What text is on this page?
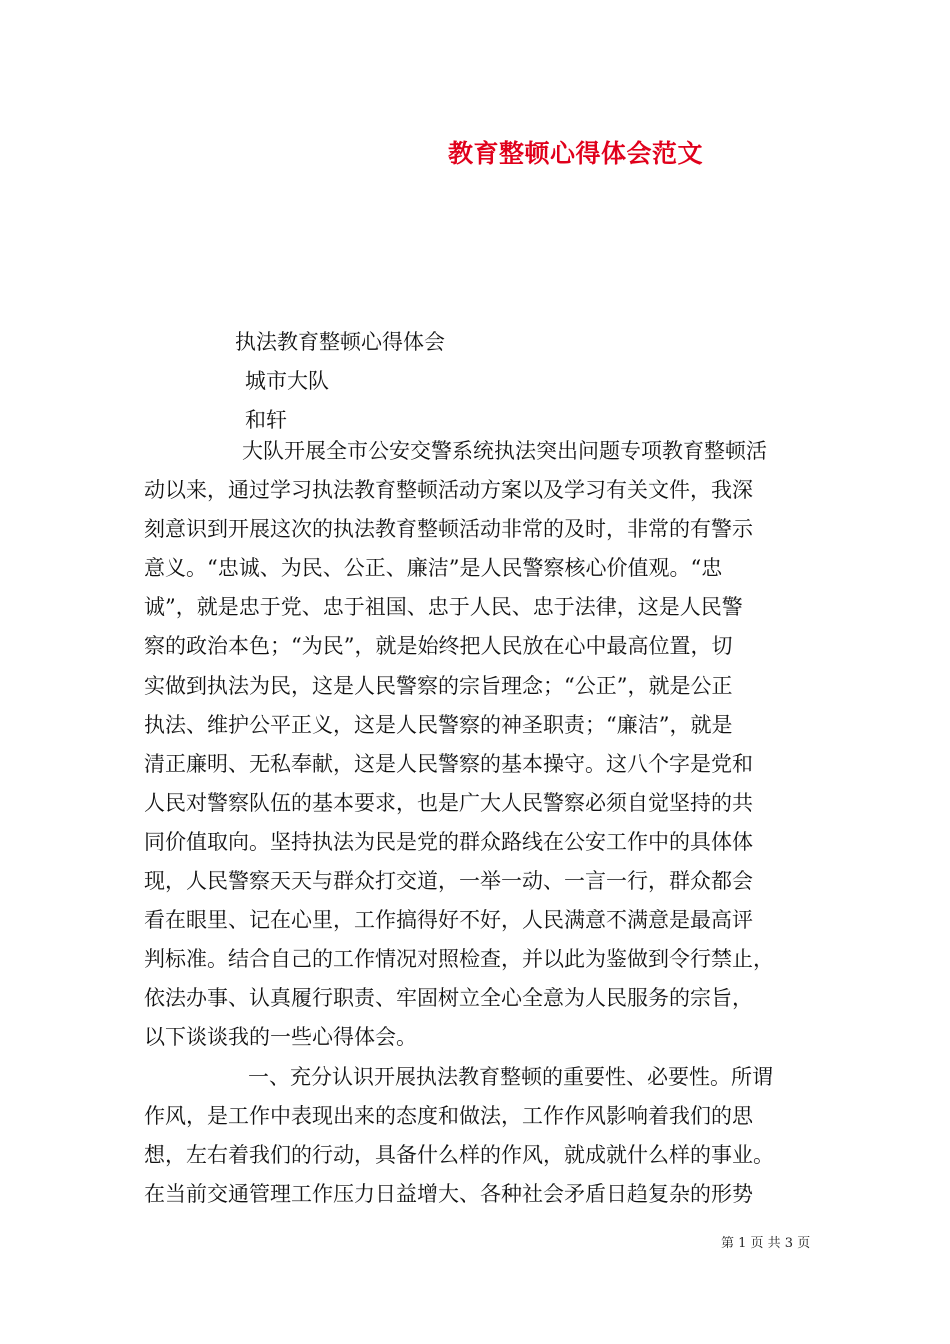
教育整顿心得体会范文
执法教育整顿心得体会
城市大队
和轩
大队开展全市公安交警系统执法突出问题专项教育整顿活
动以来，通过学习执法教育整顿活动方案以及学习有关文件，我深
刻意识到开展这次的执法教育整顿活动非常的及时，非常的有警示
意义。“忠诚、为民、公正、廉洁”是人民警察核心价值观。“忠
诚”，就是忠于党、忠于祖国、忠于人民、忠于法律，这是人民警
察的政治本色；“为民”，就是始终把人民放在心中最高位置，切
实做到执法为民，这是人民警察的宗旨理念；“公正”，就是公正
执法、维护公平正义，这是人民警察的神圣职责；“廉洁”，就是
清正廉明、无私奉献，这是人民警察的基本操守。这八个字是党和
人民对警察队伍的基本要求，也是广大人民警察必须自觉坚持的共
同价值取向。坚持执法为民是党的群众路线在公安工作中的具体体
现，人民警察天天与群众打交道，一举一动、一言一行，群众都会
看在眼里、记在心里，工作搞得好不好，人民满意不满意是最高评
判标准。结合自己的工作情况对照检查，并以此为鉴做到令行禁止，
依法办事、认真履行职责、牢固树立全心全意为人民服务的宗旨，
以下谈谈我的一些心得体会。
一、充分认识开展执法教育整顿的重要性、必要性。所谓
作风，是工作中表现出来的态度和做法，工作作风影响着我们的思
想，左右着我们的行动，具备什么样的作风，就成就什么样的事业。
在当前交通管理工作压力日益增大、各种社会矛盾日趋复杂的形势
第 1 页 共 3 页
